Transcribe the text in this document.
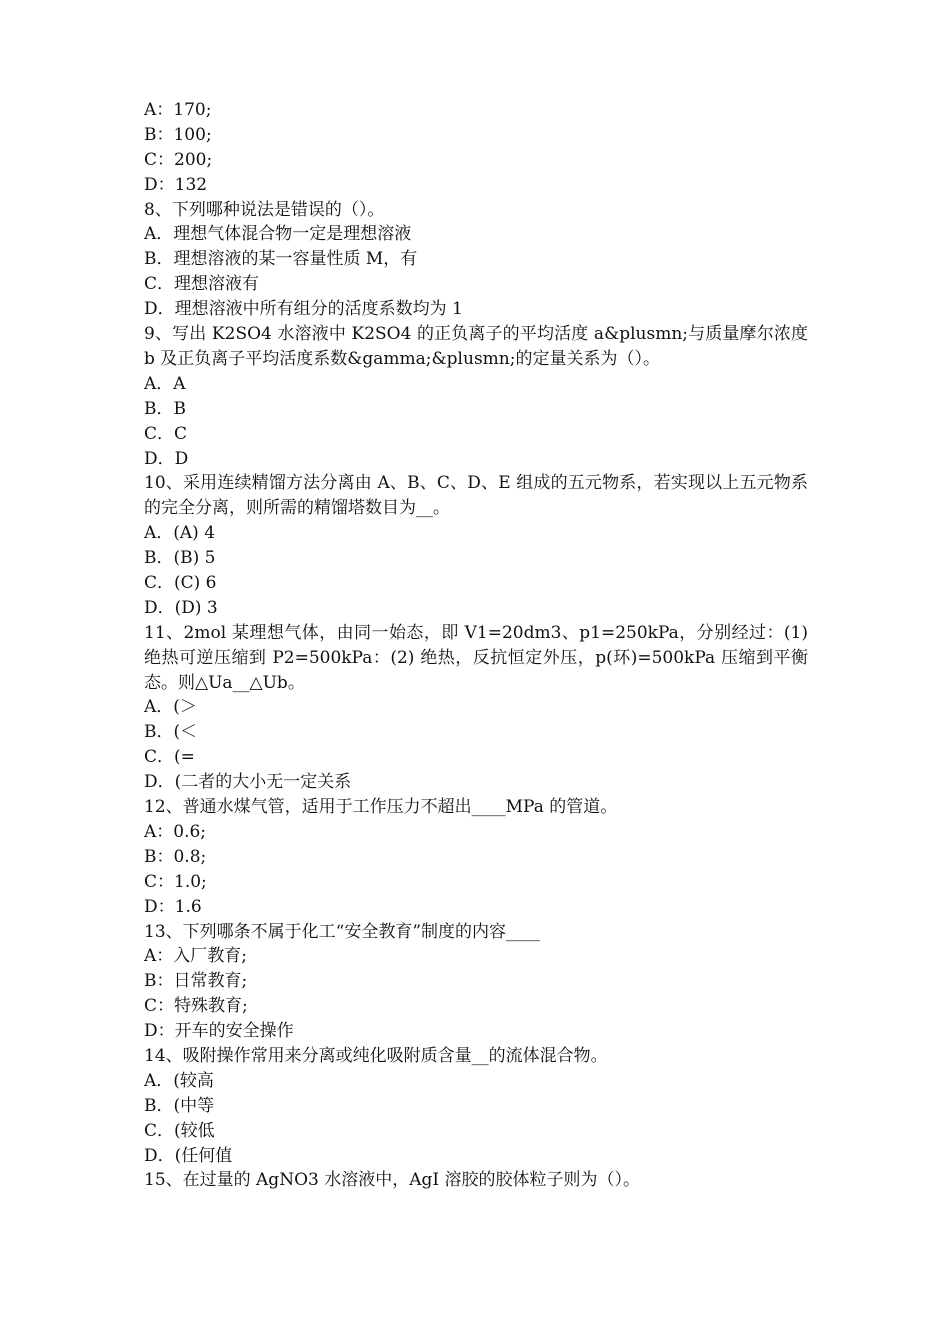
A：170;
B：100;
C：200;
D：132
8、下列哪种说法是错误的（）。
A．理想气体混合物一定是理想溶液
B．理想溶液的某一容量性质 M，有
C．理想溶液有
D．理想溶液中所有组分的活度系数均为 1
9、写出 K2SO4 水溶液中 K2SO4 的正负离子的平均活度 a&plusmn;与质量摩尔浓度 b 及正负离子平均活度系数&gamma;&plusmn;的定量关系为（）。
A．A
B．B
C．C
D．D
10、采用连续精馏方法分离由 A、B、C、D、E 组成的五元物系，若实现以上五元物系的完全分离，则所需的精馏塔数目为__。
A．(A) 4
B．(B) 5
C．(C) 6
D．(D) 3
11、2mol 某理想气体，由同一始态，即 V1=20dm3、p1=250kPa，分别经过：(1) 绝热可逆压缩到 P2=500kPa：(2) 绝热，反抗恒定外压，p(环)=500kPa 压缩到平衡态。则△Ua__△Ub。
A．(＞
B．(＜
C．(=
D．(二者的大小无一定关系
12、普通水煤气管，适用于工作压力不超出____MPa 的管道。
A：0.6;
B：0.8;
C：1.0;
D：1.6
13、下列哪条不属于化工“安全教育”制度的内容____
A：入厂教育;
B：日常教育;
C：特殊教育;
D：开车的安全操作
14、吸附操作常用来分离或纯化吸附质含量__的流体混合物。
A．(较高
B．(中等
C．(较低
D．(任何值
15、在过量的 AgNO3 水溶液中，AgI 溶胶的胶体粒子则为（）。
